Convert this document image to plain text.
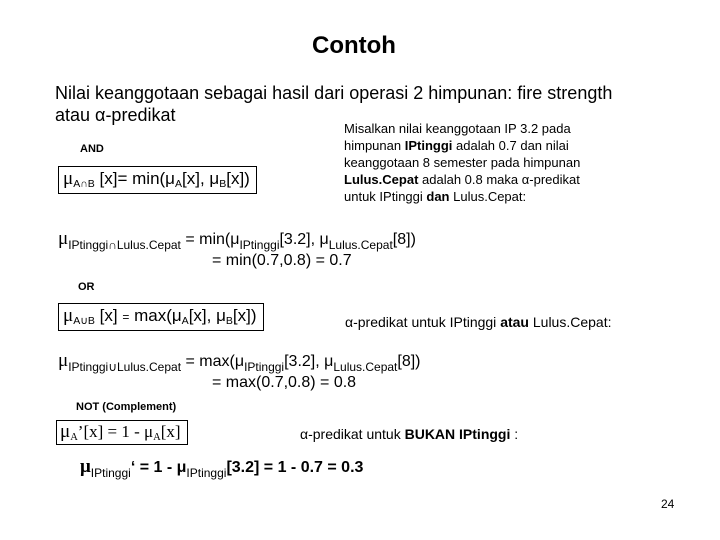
Contoh
Nilai keanggotaan sebagai hasil dari operasi 2 himpunan: fire strength
atau α-predikat
Misalkan nilai keanggotaan IP 3.2 pada
himpunan IPtinggi adalah 0.7 dan nilai
keanggotaan 8 semester pada himpunan
Lulus.Cepat adalah 0.8 maka α-predikat
untuk IPtinggi dan Lulus.Cepat:
AND
$\mu_{A\cap B}$ $[x]= \min(\mu_A[x]$, $\mu_B[x]$)
$\mu_{IPtinggi\cap Lulus.Cepat} = \min(\mu_{IPtinggi}[3.2]$, $\mu_{Lulus.Cepat}[8]$)
= min(0.7,0.8) = 0.7
OR
$\mu_{A\cup B}$ $[x] = \max(\mu_A[x]$, $\mu_B[x]$)	α-predikat untuk IPtinggi atau Lulus.Cepat:
$\mu_{IPtinggi\cup Lulus.Cepat} = \max(\mu_{IPtinggi}[3.2]$, $\mu_{Lulus.Cepat}[8]$)
= max(0.7,0.8) = 0.8
NOT (Complement)
$\mu_A’[x] = 1 - \mu_A[x]$	α-predikat untuk BUKAN IPtinggi :
$\mu_{IPtinggi}‘ = 1 - \mu_{IPtinggi}[3.2] = 1 - 0.7 = 0.3$
24
